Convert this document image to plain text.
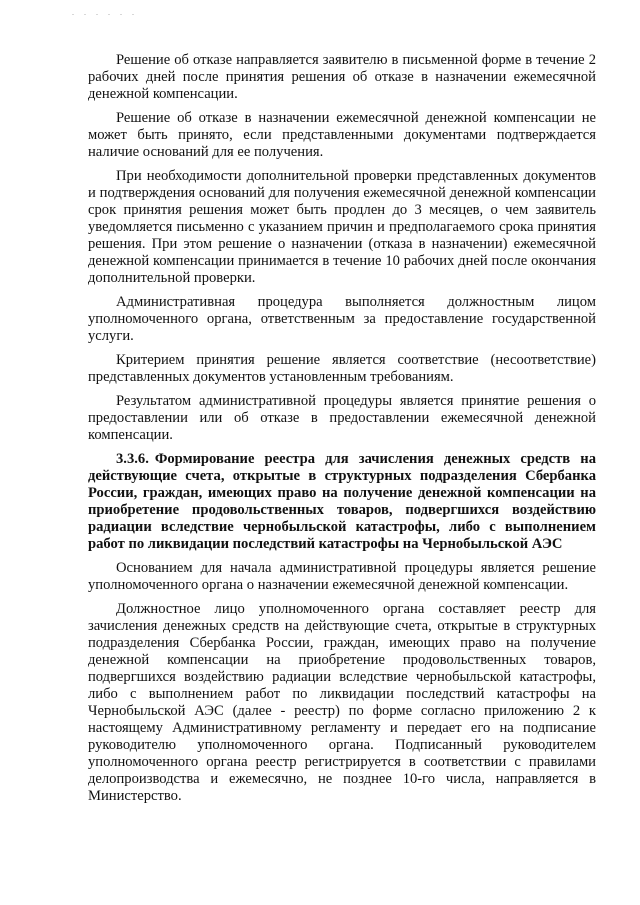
. . . . . .

Решение об отказе направляется заявителю в письменной форме в течение 2 рабочих дней после принятия решения об отказе в назначении ежемесячной денежной компенсации.

Решение об отказе в назначении ежемесячной денежной компенсации не может быть принято, если представленными документами подтверждается наличие оснований для ее получения.

При необходимости дополнительной проверки представленных документов и подтверждения оснований для получения ежемесячной денежной компенсации срок принятия решения может быть продлен до 3 месяцев, о чем заявитель уведомляется письменно с указанием причин и предполагаемого срока принятия решения. При этом решение о назначении (отказа в назначении) ежемесячной денежной компенсации принимается в течение 10 рабочих дней после окончания дополнительной проверки.

Административная процедура выполняется должностным лицом уполномоченного органа, ответственным за предоставление государственной услуги.

Критерием принятия решение является соответствие (несоответствие) представленных документов установленным требованиям.

Результатом административной процедуры является принятие решения о предоставлении или об отказе в предоставлении ежемесячной денежной компенсации.

3.3.6. Формирование реестра для зачисления денежных средств на действующие счета, открытые в структурных подразделения Сбербанка России, граждан, имеющих право на получение денежной компенсации на приобретение продовольственных товаров, подвергшихся воздействию радиации вследствие чернобыльской катастрофы, либо с выполнением работ по ликвидации последствий катастрофы на Чернобыльской АЭС

Основанием для начала административной процедуры является решение уполномоченного органа о назначении ежемесячной денежной компенсации.

Должностное лицо уполномоченного органа составляет реестр для зачисления денежных средств на действующие счета, открытые в структурных подразделения Сбербанка России, граждан, имеющих право на получение денежной компенсации на приобретение продовольственных товаров, подвергшихся воздействию радиации вследствие чернобыльской катастрофы, либо с выполнением работ по ликвидации последствий катастрофы на Чернобыльской АЭС (далее - реестр) по форме согласно приложению 2 к настоящему Административному регламенту и передает его на подписание руководителю уполномоченного органа. Подписанный руководителем уполномоченного органа реестр регистрируется в соответствии с правилами делопроизводства и ежемесячно, не позднее 10-го числа, направляется в Министерство.
